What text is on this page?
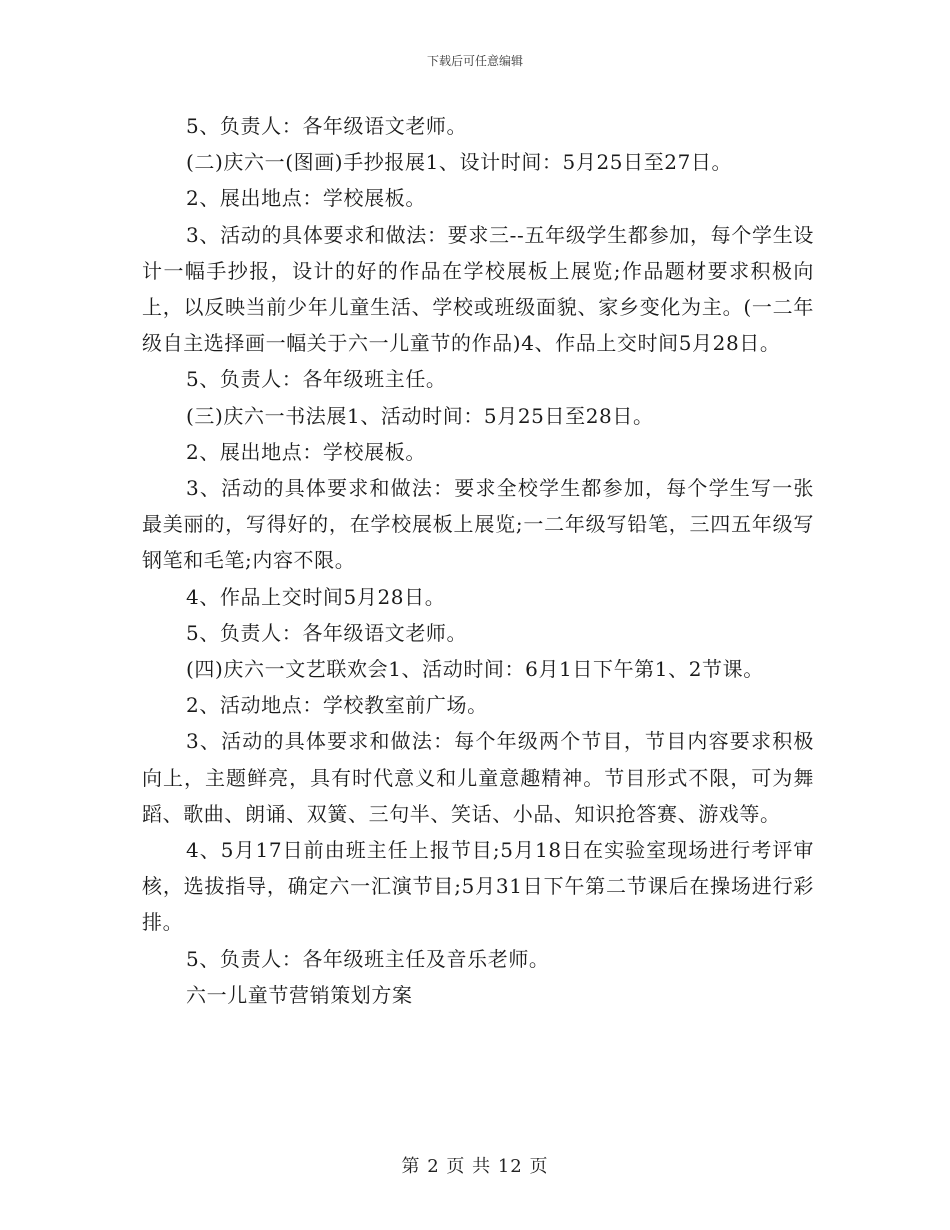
下载后可任意编辑

5、负责人：各年级语文老师。

(二)庆六一(图画)手抄报展1、设计时间：5月25日至27日。

2、展出地点：学校展板。

3、活动的具体要求和做法：要求三--五年级学生都参加，每个学生设计一幅手抄报，设计的好的作品在学校展板上展览;作品题材要求积极向上，以反映当前少年儿童生活、学校或班级面貌、家乡变化为主。(一二年级自主选择画一幅关于六一儿童节的作品)4、作品上交时间5月28日。

5、负责人：各年级班主任。

(三)庆六一书法展1、活动时间：5月25日至28日。

2、展出地点：学校展板。

3、活动的具体要求和做法：要求全校学生都参加，每个学生写一张最美丽的，写得好的，在学校展板上展览;一二年级写铅笔，三四五年级写钢笔和毛笔;内容不限。

4、作品上交时间5月28日。

5、负责人：各年级语文老师。

(四)庆六一文艺联欢会1、活动时间：6月1日下午第1、2节课。

2、活动地点：学校教室前广场。

3、活动的具体要求和做法：每个年级两个节目，节目内容要求积极向上，主题鲜亮，具有时代意义和儿童意趣精神。节目形式不限，可为舞蹈、歌曲、朗诵、双簧、三句半、笑话、小品、知识抢答赛、游戏等。

4、5月17日前由班主任上报节目;5月18日在实验室现场进行考评审核，选拔指导，确定六一汇演节目;5月31日下午第二节课后在操场进行彩排。

5、负责人：各年级班主任及音乐老师。

六一儿童节营销策划方案

第 2 页 共 12 页
